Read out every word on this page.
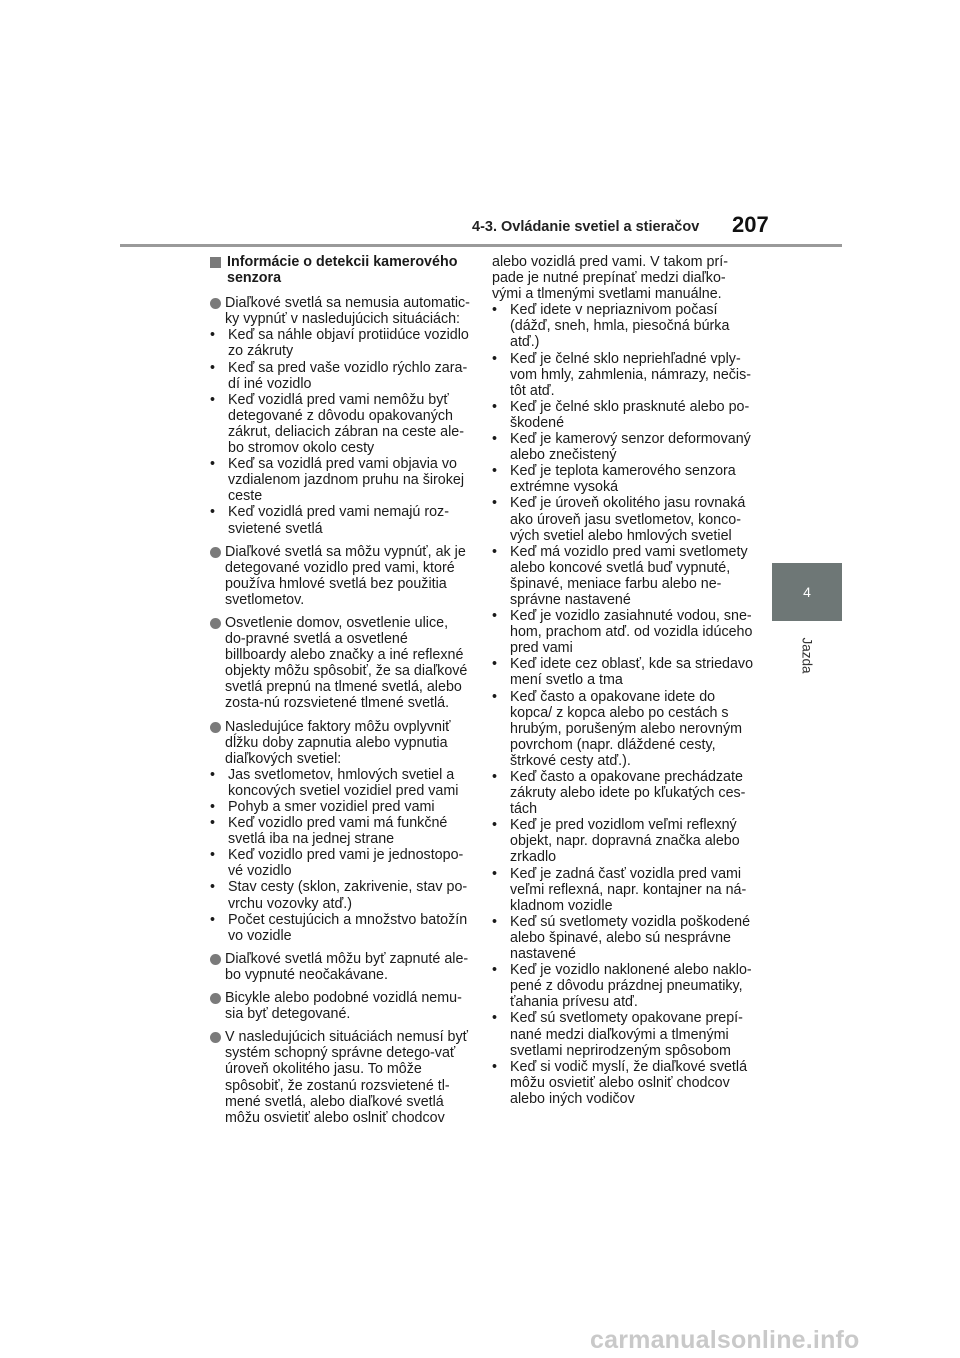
4-3. Ovládanie svetiel a stieračov 207
4
Jazda
Informácie o detekcii kamerového senzora
Diaľkové svetlá sa nemusia automatic-ky vypnúť v nasledujúcich situáciách:
• Keď sa náhle objaví protiidúce vozidlo zo zákruty
• Keď sa pred vaše vozidlo rýchlo zara-dí iné vozidlo
• Keď vozidlá pred vami nemôžu byť detegované z dôvodu opakovaných zákrut, deliacich zábran na ceste ale-bo stromov okolo cesty
• Keď sa vozidlá pred vami objavia vo vzdialenom jazdnom pruhu na širokej ceste
• Keď vozidlá pred vami nemajú roz-svietené svetlá
Diaľkové svetlá sa môžu vypnúť, ak je detegované vozidlo pred vami, ktoré používa hmlové svetlá bez použitia svetlometov.
Osvetlenie domov, osvetlenie ulice, do-pravné svetlá a osvetlené billboardy alebo značky a iné reflexné objekty môžu spôsobiť, že sa diaľkové svetlá prepnú na tlmené svetlá, alebo zosta-nú rozsvietené tlmené svetlá.
Nasledujúce faktory môžu ovplyvniť dĺžku doby zapnutia alebo vypnutia diaľkových svetiel:
• Jas svetlometov, hmlových svetiel a koncových svetiel vozidiel pred vami
• Pohyb a smer vozidiel pred vami
• Keď vozidlo pred vami má funkčné svetlá iba na jednej strane
• Keď vozidlo pred vami je jednostopo-vé vozidlo
• Stav cesty (sklon, zakrivenie, stav po-vrchu vozovky atď.)
• Počet cestujúcich a množstvo batožín vo vozidle
Diaľkové svetlá môžu byť zapnuté ale-bo vypnuté neočakávane.
Bicykle alebo podobné vozidlá nemu-sia byť detegované.
V nasledujúcich situáciách nemusí byť systém schopný správne detego-vať úroveň okolitého jasu. To môže spôsobiť, že zostanú rozsvietené tl-mené svetlá, alebo diaľkové svetlá môžu osvietiť alebo oslniť chodcov
alebo vozidlá pred vami. V takom prí-pade je nutné prepínať medzi diaľko-vými a tlmenými svetlami manuálne.
• Keď idete v nepriaznivom počasí (dážď, sneh, hmla, piesočná búrka atď.)
• Keď je čelné sklo nepriehľadné vply-vom hmly, zahmlenia, námrazy, nečis-tôt atď.
• Keď je čelné sklo prasknuté alebo po-škodené
• Keď je kamerový senzor deformovaný alebo znečistený
• Keď je teplota kamerového senzora extrémne vysoká
• Keď je úroveň okolitého jasu rovnaká ako úroveň jasu svetlometov, konco-vých svetiel alebo hmlových svetiel
• Keď má vozidlo pred vami svetlomety alebo koncové svetlá buď vypnuté, špinavé, meniace farbu alebo ne-správne nastavené
• Keď je vozidlo zasiahnuté vodou, sne-hom, prachom atď. od vozidla idúceho pred vami
• Keď idete cez oblasť, kde sa striedavo mení svetlo a tma
• Keď často a opakovane idete do kopca/ z kopca alebo po cestách s hrubým, porušeným alebo nerovným povrchom (napr. dláždené cesty, štrkové cesty atď.).
• Keď často a opakovane prechádzate zákruty alebo idete po kľukatých ces-tách
• Keď je pred vozidlom veľmi reflexný objekt, napr. dopravná značka alebo zrkadlo
• Keď je zadná časť vozidla pred vami veľmi reflexná, napr. kontajner na ná-kladnom vozidle
• Keď sú svetlomety vozidla poškodené alebo špinavé, alebo sú nesprávne nastavené
• Keď je vozidlo naklonené alebo naklo-pené z dôvodu prázdnej pneumatiky, ťahania prívesu atď.
• Keď sú svetlomety opakovane prepí-nané medzi diaľkovými a tlmenými svetlami neprirodzeným spôsobom
• Keď si vodič myslí, že diaľkové svetlá môžu osvietiť alebo oslniť chodcov alebo iných vodičov
carmanualsonline.info
